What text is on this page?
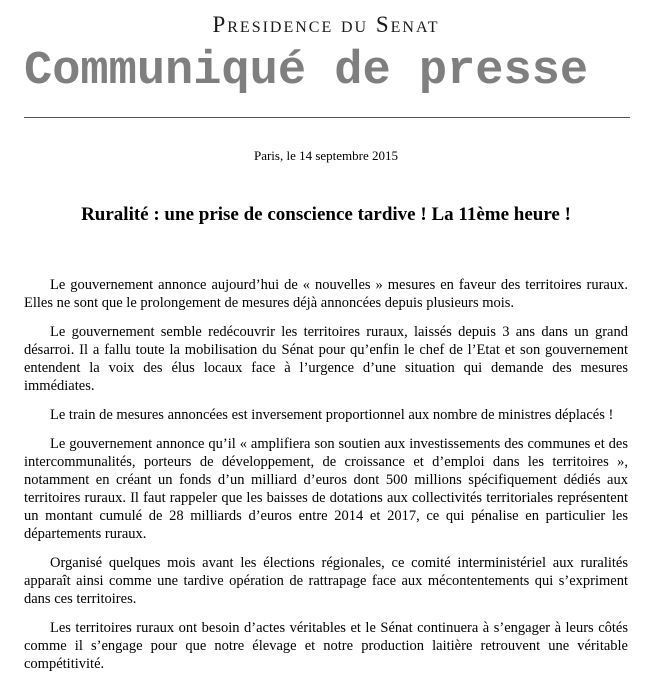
Presidence du Senat
Communiqué de presse
Paris, le 14 septembre 2015
Ruralité : une prise de conscience tardive ! La 11ème heure !

Le gouvernement annonce aujourd’hui de « nouvelles » mesures en faveur des territoires ruraux. Elles ne sont que le prolongement de mesures déjà annoncées depuis plusieurs mois.

Le gouvernement semble redécouvrir les territoires ruraux, laissés depuis 3 ans dans un grand désarroi. Il a fallu toute la mobilisation du Sénat pour qu’enfin le chef de l’Etat et son gouvernement entendent la voix des élus locaux face à l’urgence d’une situation qui demande des mesures immédiates.

Le train de mesures annoncées est inversement proportionnel aux nombre de ministres déplacés !

Le gouvernement annonce qu’il « amplifiera son soutien aux investissements des communes et des intercommunalités, porteurs de développement, de croissance et d’emploi dans les territoires », notamment en créant un fonds d’un milliard d’euros dont 500 millions spécifiquement dédiés aux territoires ruraux. Il faut rappeler que les baisses de dotations aux collectivités territoriales représentent un montant cumulé de 28 milliards d’euros entre 2014 et 2017, ce qui pénalise en particulier les départements ruraux.

Organisé quelques mois avant les élections régionales, ce comité interministériel aux ruralités apparaît ainsi comme une tardive opération de rattrapage face aux mécontentements qui s’expriment dans ces territoires.

Les territoires ruraux ont besoin d’actes véritables et le Sénat continuera à s’engager à leurs côtés comme il s’engage pour que notre élevage et notre production laitière retrouvent une véritable compétitivité.
